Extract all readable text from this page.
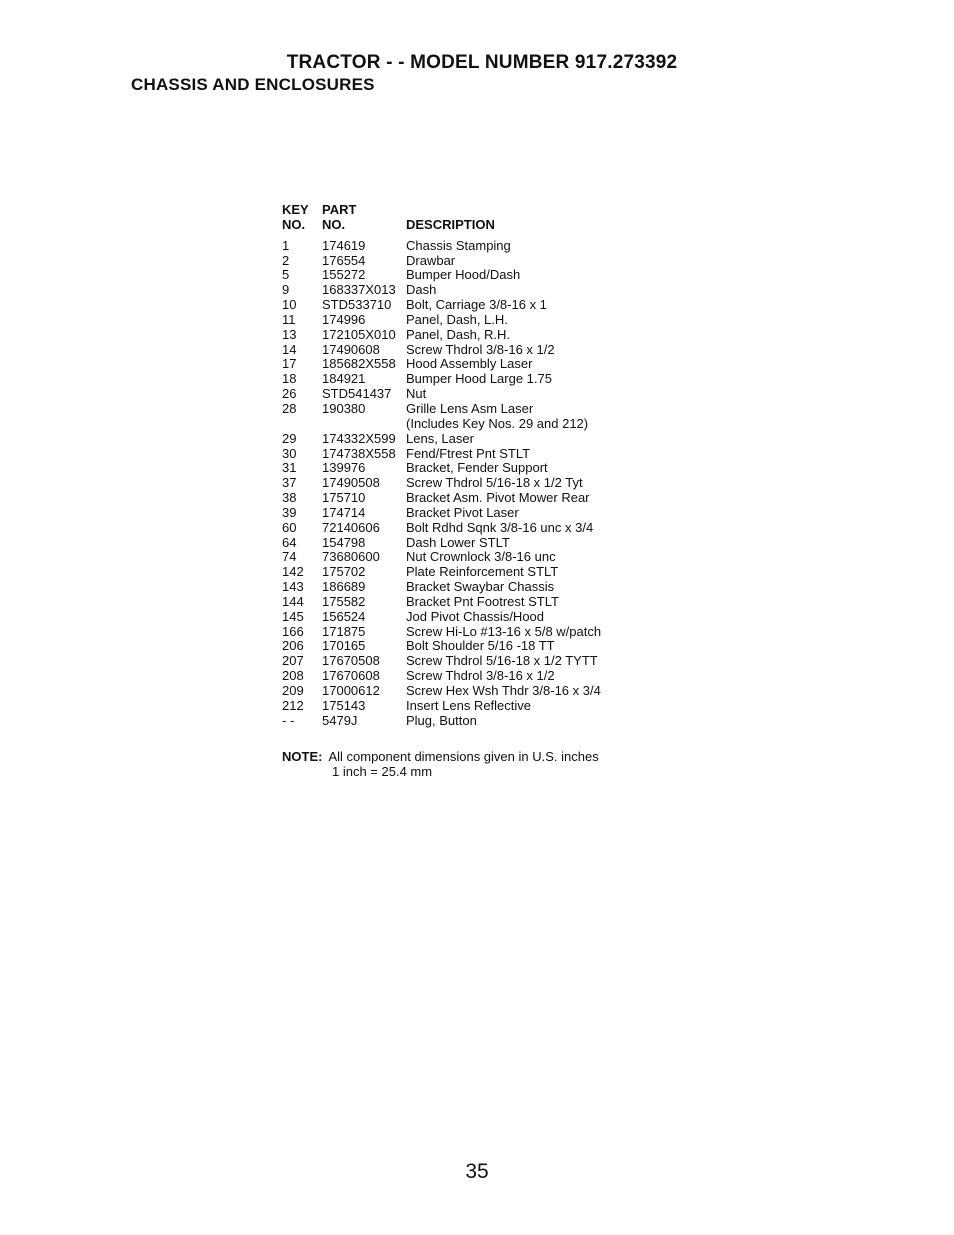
TRACTOR - - MODEL NUMBER 917.273392
CHASSIS AND ENCLOSURES
KEY	PART
NO.	NO.	DESCRIPTION
1	174619	Chassis Stamping
2	176554	Drawbar
5	155272	Bumper Hood/Dash
9	168337X013 Dash
10	STD533710	Bolt, Carriage 3/8-16 x 1
11	174996	Panel, Dash, L.H.
13	172105X010 Panel, Dash, R.H.
14	17490608	Screw Thdrol 3/8-16 x 1/2
17	185682X558 Hood Assembly Laser
18	184921	Bumper Hood Large 1.75
26	STD541437	Nut
28	190380	Grille Lens Asm Laser
(Includes Key Nos. 29 and 212)
29	174332X599 Lens, Laser
30	174738X558 Fend/Ftrest Pnt STLT
31	139976	Bracket, Fender Support
37	17490508	Screw Thdrol 5/16-18 x 1/2 Tyt
38	175710	Bracket Asm. Pivot Mower Rear
39	174714	Bracket Pivot Laser
60	72140606	Bolt Rdhd Sqnk 3/8-16 unc x 3/4
64	154798	Dash Lower STLT
74	73680600	Nut Crownlock 3/8-16 unc
142	175702	Plate Reinforcement STLT
143	186689	Bracket Swaybar Chassis
144	175582	Bracket Pnt Footrest STLT
145	156524	Jod Pivot Chassis/Hood
166	171875	Screw Hi-Lo #13-16 x 5/8 w/patch
206	170165	Bolt Shoulder 5/16 -18 TT
207	17670508	Screw Thdrol 5/16-18 x 1/2 TYTT
208	17670608	Screw Thdrol 3/8-16 x 1/2
209	17000612	Screw Hex Wsh Thdr 3/8-16 x 3/4
212	175143	Insert Lens Reflective
- -	5479J	Plug, Button
NOTE: All component dimensions given in U.S. inches
1 inch = 25.4 mm
35
